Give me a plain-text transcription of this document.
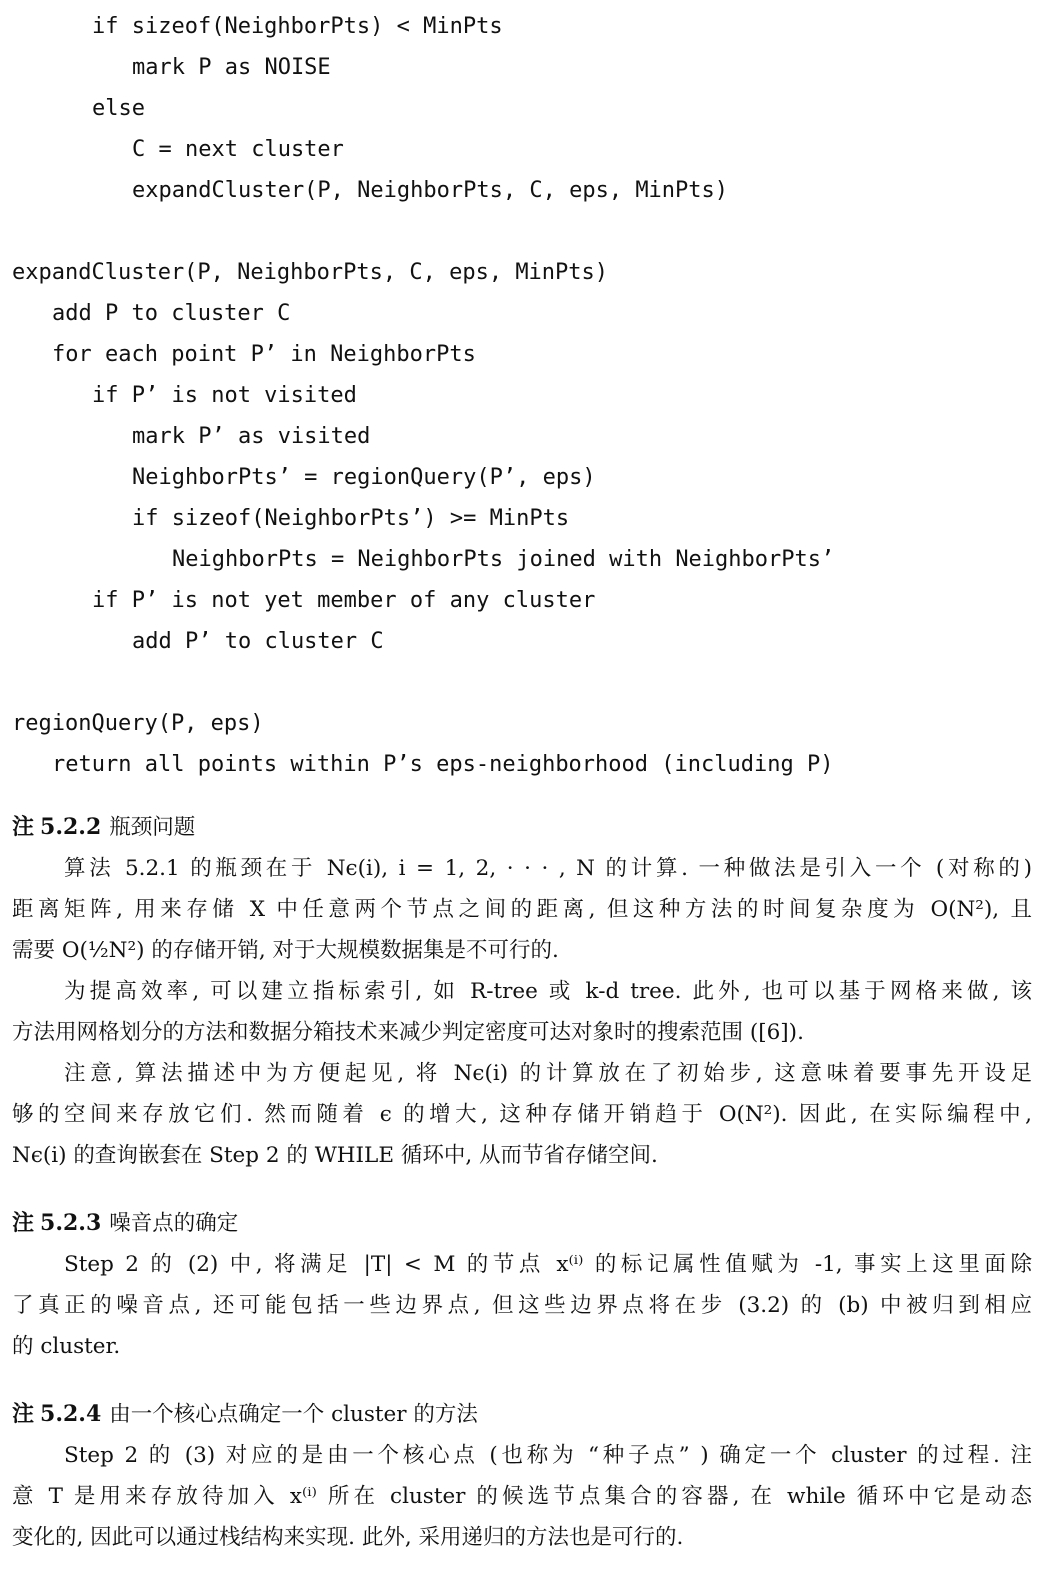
if sizeof(NeighborPts) < MinPts
mark P as NOISE
else
C = next cluster
expandCluster(P, NeighborPts, C, eps, MinPts)
expandCluster(P, NeighborPts, C, eps, MinPts)
add P to cluster C
for each point P’ in NeighborPts
if P’ is not visited
mark P’ as visited
NeighborPts’ = regionQuery(P’, eps)
if sizeof(NeighborPts’) >= MinPts
NeighborPts = NeighborPts joined with NeighborPts’
if P’ is not yet member of any cluster
add P’ to cluster C
regionQuery(P, eps)
return all points within P’s eps-neighborhood (including P)
注 5.2.2 瓶颈问题
算法 5.2.1 的瓶颈在于 Nϵ(i), i = 1, 2, · · · , N 的计算. 一种做法是引入一个 (对称的)
距离矩阵, 用来存储 X 中任意两个节点之间的距离, 但这种方法的时间复杂度为 O(N²), 且
需要 O(½N²) 的存储开销, 对于大规模数据集是不可行的.
为提高效率, 可以建立指标索引, 如 R-tree 或 k-d tree. 此外, 也可以基于网格来做, 该
方法用网格划分的方法和数据分箱技术来减少判定密度可达对象时的搜索范围 ([6]).
注意, 算法描述中为方便起见, 将 Nϵ(i) 的计算放在了初始步, 这意味着要事先开设足
够的空间来存放它们. 然而随着 ϵ 的增大, 这种存储开销趋于 O(N²). 因此, 在实际编程中,
Nϵ(i) 的查询嵌套在 Step 2 的 WHILE 循环中, 从而节省存储空间.
注 5.2.3 噪音点的确定
Step 2 的 (2) 中, 将满足 |T| < M 的节点 x⁽ⁱ⁾ 的标记属性值赋为 -1, 事实上这里面除
了真正的噪音点, 还可能包括一些边界点, 但这些边界点将在步 (3.2) 的 (b) 中被归到相应
的 cluster.
注 5.2.4 由一个核心点确定一个 cluster 的方法
Step 2 的 (3) 对应的是由一个核心点 (也称为 “种子点” ) 确定一个 cluster 的过程. 注
意 T 是用来存放待加入 x⁽ⁱ⁾ 所在 cluster 的候选节点集合的容器, 在 while 循环中它是动态
变化的, 因此可以通过栈结构来实现. 此外, 采用递归的方法也是可行的.
